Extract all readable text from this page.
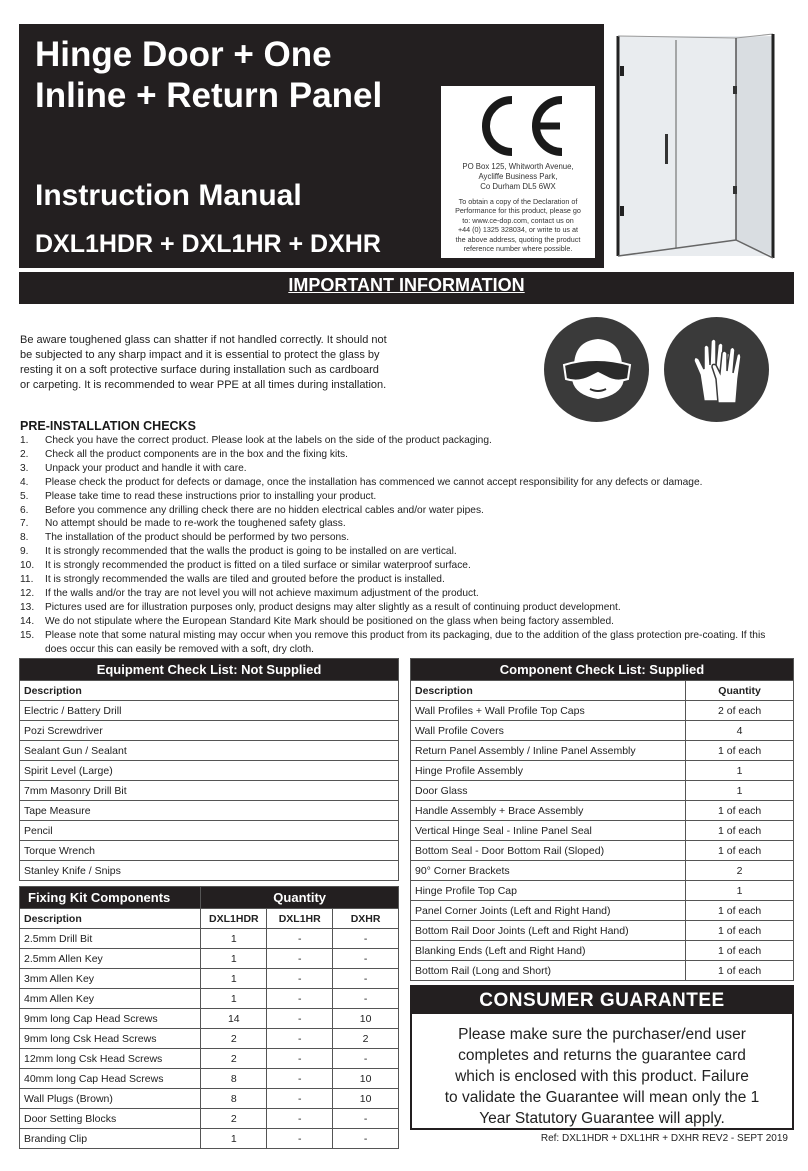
Hinge Door + One
Inline + Return Panel
Instruction Manual
DXL1HDR + DXL1HR + DXHR
PO Box 125, Whitworth Avenue,
Aycliffe Business Park,
Co Durham DL5 6WX
To obtain a copy of the Declaration of
Performance for this product, please go
to: www.ce-dop.com, contact us on
+44 (0) 1325 328034, or write to us at
the above address, quoting the product
reference number where possible.
IMPORTANT INFORMATION
Be aware toughened glass can shatter if not handled correctly. It should not
be subjected to any sharp impact and it is essential to protect the glass by
resting it on a soft protective surface during installation such as cardboard
or carpeting. It is recommended to wear PPE at all times during installation.
PRE-INSTALLATION CHECKS
1.	Check you have the correct product. Please look at the labels on the side of the product packaging.
2.	Check all the product components are in the box and the fixing kits.
3.	Unpack your product and handle it with care.
4.	Please check the product for defects or damage, once the installation has commenced we cannot accept responsibility for any defects or damage.
5.	Please take time to read these instructions prior to installing your product.
6.	Before you commence any drilling check there are no hidden electrical cables and/or water pipes.
7.	No attempt should be made to re-work the toughened safety glass.
8.	The installation of the product should be performed by two persons.
9.	It is strongly recommended that the walls the product is going to be installed on are vertical.
10.	It is strongly recommended the product is fitted on a tiled surface or similar waterproof surface.
11.	It is strongly recommended the walls are tiled and grouted before the product is installed.
12.	If the walls and/or the tray are not level you will not achieve maximum adjustment of the product.
13.	Pictures used are for illustration purposes only, product designs may alter slightly as a result of continuing product development.
14.	We do not stipulate where the European Standard Kite Mark should be positioned on the glass when being factory assembled.
15.	Please note that some natural misting may occur when you remove this product from its packaging, due to the addition of the glass protection pre-coating. If this does occur this can easily be removed with a soft, dry cloth.
Equipment Check List: Not Supplied
Description
Electric / Battery Drill
Pozi Screwdriver
Sealant Gun / Sealant
Spirit Level (Large)
7mm Masonry Drill Bit
Tape Measure
Pencil
Torque Wrench
Stanley Knife / Snips
Fixing Kit Components	Quantity		
Description	DXL1HDR	DXL1HR	DXHR
2.5mm Drill Bit	1	-	-
2.5mm Allen Key	1	-	-
3mm Allen Key	1	-	-
4mm Allen Key	1	-	-
9mm long Cap Head Screws	14	-	10
9mm long Csk Head Screws	2	-	2
12mm long Csk Head Screws	2	-	-
40mm long Cap Head Screws	8	-	10
Wall Plugs (Brown)	8	-	10
Door Setting Blocks	2	-	-
Branding Clip	1	-	-
Component Check List: Supplied	
Description	Quantity
Wall Profiles + Wall Profile Top Caps	2 of each
Wall Profile Covers	4
Return Panel Assembly / Inline Panel Assembly	1 of each
Hinge Profile Assembly	1
Door Glass	1
Handle Assembly + Brace Assembly	1 of each
Vertical Hinge Seal - Inline Panel Seal	1 of each
Bottom Seal - Door Bottom Rail (Sloped)	1 of each
90° Corner Brackets	2
Hinge Profile Top Cap	1
Panel Corner Joints (Left and Right Hand)	1 of each
Bottom Rail Door Joints (Left and Right Hand)	1 of each
Blanking Ends (Left and Right Hand)	1 of each
Bottom Rail (Long and Short)	1 of each
CONSUMER GUARANTEE
Please make sure the purchaser/end user
completes and returns the guarantee card
which is enclosed with this product. Failure
to validate the Guarantee will mean only the 1
Year Statutory Guarantee will apply.
Ref: DXL1HDR + DXL1HR + DXHR REV2 - SEPT 2019
